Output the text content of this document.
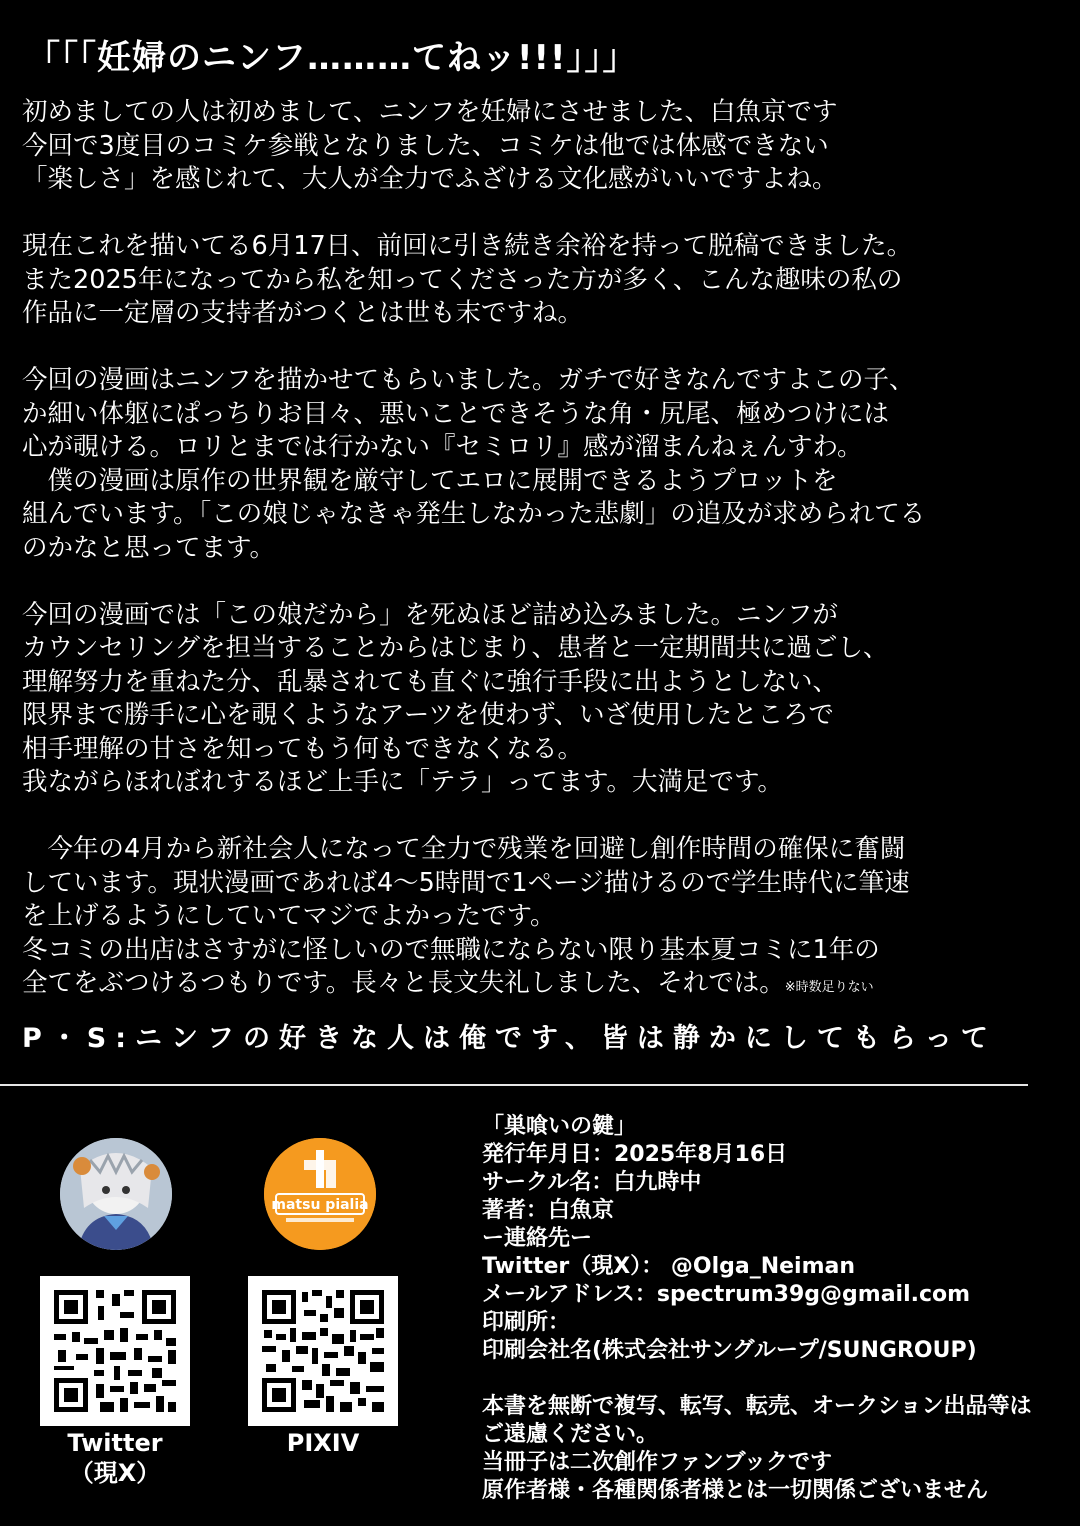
「「「妊婦のニンフ………てねッ!!!」」」
初めましての人は初めまして、ニンフを妊婦にさせました、白魚京です
今回で3度目のコミケ参戦となりました、コミケは他では体感できない
「楽しさ」を感じれて、大人が全力でふざける文化感がいいですよね。
現在これを描いてる6月17日、前回に引き続き余裕を持って脱稿できました。
また2025年になってから私を知ってくださった方が多く、こんな趣味の私の
作品に一定層の支持者がつくとは世も末ですね。
今回の漫画はニンフを描かせてもらいました。ガチで好きなんですよこの子、
か細い体躯にぱっちりお目々、悪いことできそうな角・尻尾、極めつけには
心が覗ける。ロリとまでは行かない『セミロリ』感が溜まんねぇんすわ。
　僕の漫画は原作の世界観を厳守してエロに展開できるようプロットを
組んでいます。「この娘じゃなきゃ発生しなかった悲劇」の追及が求められてる
のかなと思ってます。
今回の漫画では「この娘だから」を死ぬほど詰め込みました。ニンフが
カウンセリングを担当することからはじまり、患者と一定期間共に過ごし、
理解努力を重ねた分、乱暴されても直ぐに強行手段に出ようとしない、
限界まで勝手に心を覗くようなアーツを使わず、いざ使用したところで
相手理解の甘さを知ってもう何もできなくなる。
我ながらほれぼれするほど上手に「テラ」ってます。大満足です。
　今年の4月から新社会人になって全力で残業を回避し創作時間の確保に奮闘
しています。現状漫画であれば4～5時間で1ページ描けるので学生時代に筆速
を上げるようにしていてマジでよかったです。
冬コミの出店はさすがに怪しいので無職にならない限り基本夏コミに1年の
全てをぶつけるつもりです。長々と長文失礼しました、それでは。※時数足りない
P・S:ニンフの好きな人は俺です、皆は静かにしてもらって
matsu pialia
Twitter
（現X）
PIXIV
「巣喰いの鍵」
発行年月日：2025年8月16日
サークル名：白九時中
著者：白魚京
ー連絡先ー
Twitter（現X）： @Olga_Neiman
メールアドレス：spectrum39g@gmail.com
印刷所：
印刷会社名(株式会社サングループ/SUNGROUP)
本書を無断で複写、転写、転売、オークション出品等は
ご遠慮ください。
当冊子は二次創作ファンブックです
原作者様・各種関係者様とは一切関係ございません
